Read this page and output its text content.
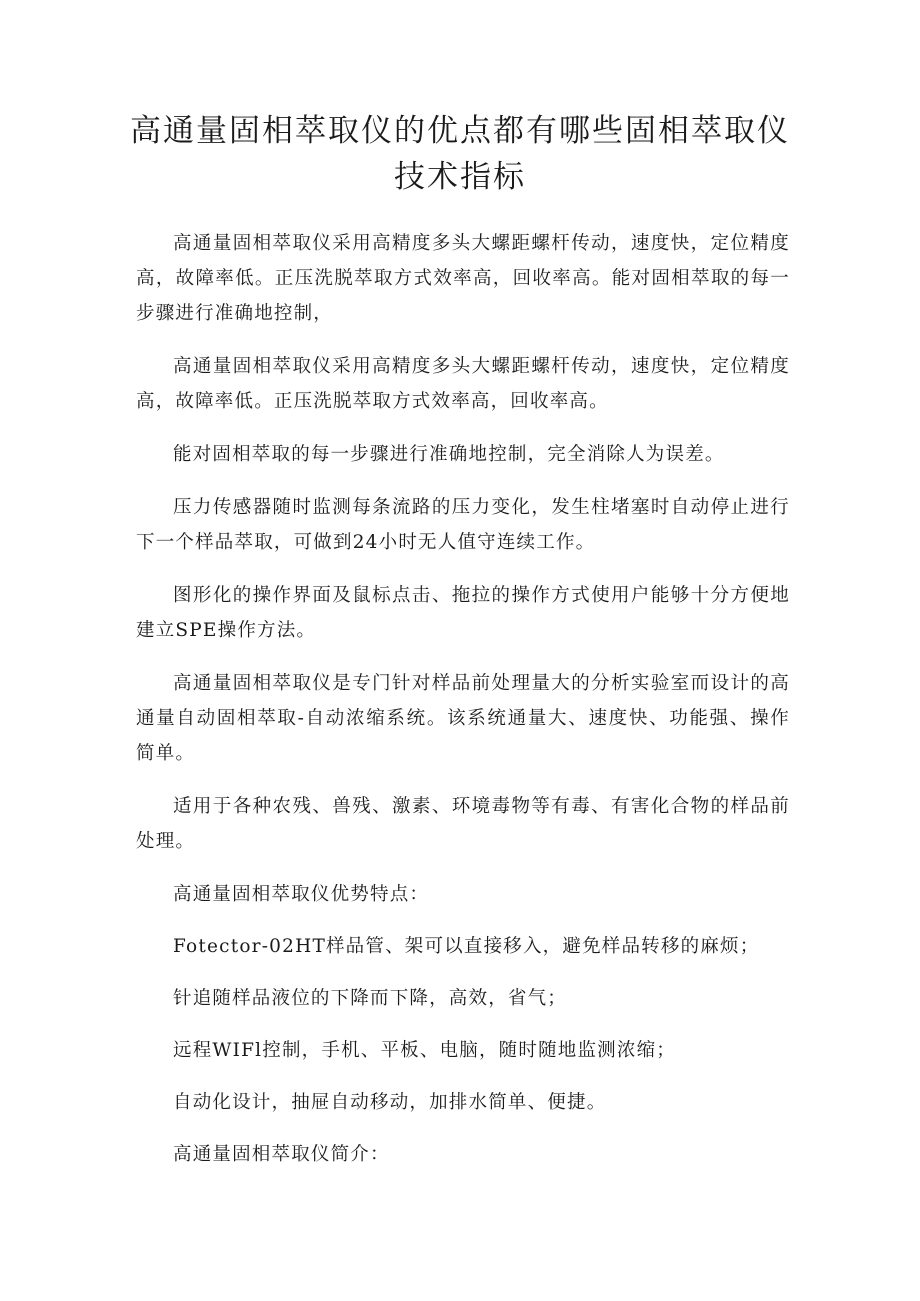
高通量固相萃取仪的优点都有哪些固相萃取仪技术指标

高通量固相萃取仪采用高精度多头大螺距螺杆传动，速度快，定位精度高，故障率低。正压洗脱萃取方式效率高，回收率高。能对固相萃取的每一步骤进行准确地控制，

高通量固相萃取仪采用高精度多头大螺距螺杆传动，速度快，定位精度高，故障率低。正压洗脱萃取方式效率高，回收率高。

能对固相萃取的每一步骤进行准确地控制，完全消除人为误差。

压力传感器随时监测每条流路的压力变化，发生柱堵塞时自动停止进行下一个样品萃取，可做到24小时无人值守连续工作。

图形化的操作界面及鼠标点击、拖拉的操作方式使用户能够十分方便地建立SPE操作方法。

高通量固相萃取仪是专门针对样品前处理量大的分析实验室而设计的高通量自动固相萃取-自动浓缩系统。该系统通量大、速度快、功能强、操作简单。

适用于各种农残、兽残、激素、环境毒物等有毒、有害化合物的样品前处理。

高通量固相萃取仪优势特点：

Fotector-02HT样品管、架可以直接移入，避免样品转移的麻烦；

针追随样品液位的下降而下降，高效，省气；

远程WIFl控制，手机、平板、电脑，随时随地监测浓缩；

自动化设计，抽屉自动移动，加排水简单、便捷。

高通量固相萃取仪简介：
